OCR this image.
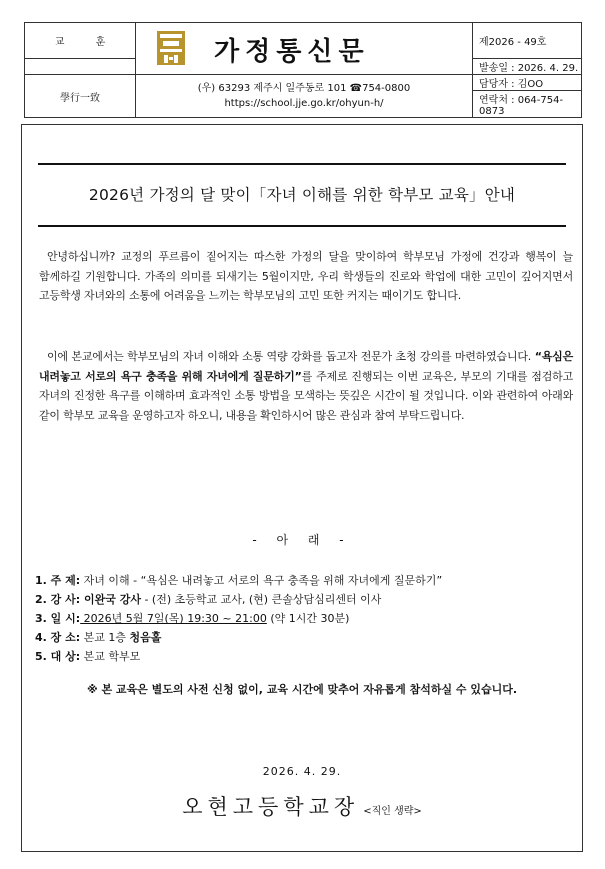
교 훈	가정통신문	제2026 - 49호
		발송일 : 2026. 4. 29.
學行一致	(우) 63293 제주시 일주동로 101 ☎754-0800
https://school.jje.go.kr/ohyun-h/	담당자 : 김OO
		연락처 : 064-754-0873
2026년 가정의 달 맞이「자녀 이해를 위한 학부모 교육」안내
안녕하십니까? 교정의 푸르름이 짙어지는 따스한 가정의 달을 맞이하여 학부모님 가정에 건강과 행복이 늘 함께하길 기원합니다. 가족의 의미를 되새기는 5월이지만, 우리 학생들의 진로와 학업에 대한 고민이 깊어지면서 고등학생 자녀와의 소통에 어려움을 느끼는 학부모님의 고민 또한 커지는 때이기도 합니다.
이에 본교에서는 학부모님의 자녀 이해와 소통 역량 강화를 돕고자 전문가 초청 강의를 마련하였습니다. “욕심은 내려놓고 서로의 욕구 충족을 위해 자녀에게 질문하기”를 주제로 진행되는 이번 교육은, 부모의 기대를 점검하고 자녀의 진정한 욕구를 이해하며 효과적인 소통 방법을 모색하는 뜻깊은 시간이 될 것입니다. 이와 관련하여 아래와 같이 학부모 교육을 운영하고자 하오니, 내용을 확인하시어 많은 관심과 참여 부탁드립니다.
- 아 래 -
1. 주 제: 자녀 이해 - “욕심은 내려놓고 서로의 욕구 충족을 위해 자녀에게 질문하기”
2. 강 사: 이완국 강사 - (전) 초등학교 교사, (현) 큰솔상담심리센터 이사
3. 일 시: 2026년 5월 7일(목) 19:30 ~ 21:00 (약 1시간 30분)
4. 장 소: 본교 1층 청음홀
5. 대 상: 본교 학부모
※ 본 교육은 별도의 사전 신청 없이, 교육 시간에 맞추어 자유롭게 참석하실 수 있습니다.
2026. 4. 29.
오현고등학교장 <직인 생략>
